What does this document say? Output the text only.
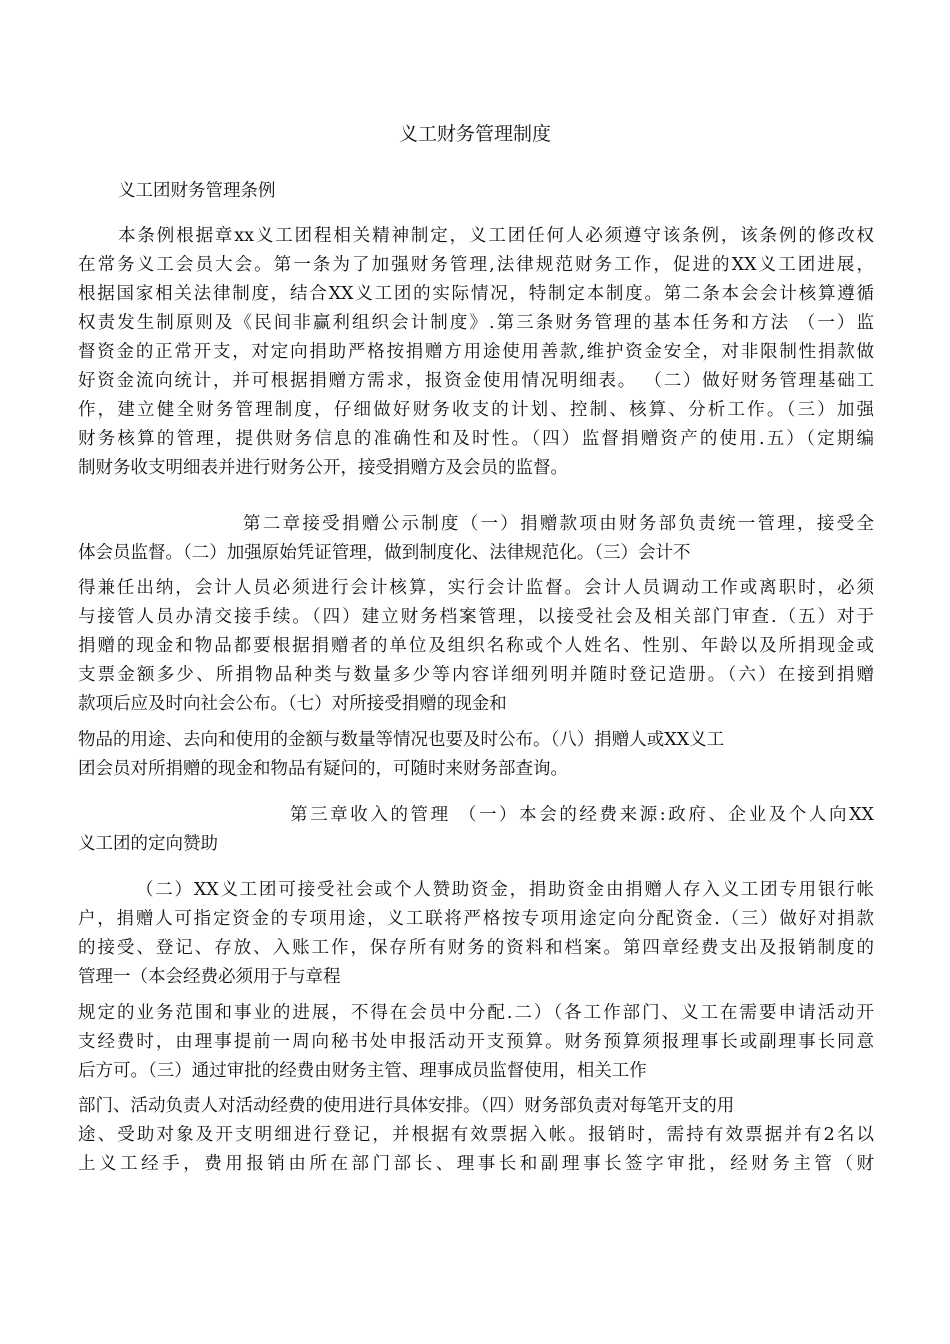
义工财务管理制度
义工团财务管理条例
本条例根据章xx义工团程相关精神制定，义工团任何人必须遵守该条例，该条例的修改权
在常务义工会员大会。第一条为了加强财务管理,法律规范财务工作，促进的XX义工团进展，
根据国家相关法律制度，结合XX义工团的实际情况，特制定本制度。第二条本会会计核算遵循
权责发生制原则及《民间非赢利组织会计制度》.第三条财务管理的基本任务和方法 （一）监
督资金的正常开支，对定向捐助严格按捐赠方用途使用善款,维护资金安全，对非限制性捐款做
好资金流向统计，并可根据捐赠方需求，报资金使用情况明细表。 （二）做好财务管理基础工
作，建立健全财务管理制度，仔细做好财务收支的计划、控制、核算、分析工作。（三）加强
财务核算的管理，提供财务信息的准确性和及时性。（四）监督捐赠资产的使用.五）（定期编
制财务收支明细表并进行财务公开，接受捐赠方及会员的监督。
第二章接受捐赠公示制度（一）捐赠款项由财务部负责统一管理，接受全
体会员监督。（二）加强原始凭证管理，做到制度化、法律规范化。（三）会计不
得兼任出纳，会计人员必须进行会计核算，实行会计监督。会计人员调动工作或离职时，必须
与接管人员办清交接手续。（四）建立财务档案管理，以接受社会及相关部门审查.（五）对于
捐赠的现金和物品都要根据捐赠者的单位及组织名称或个人姓名、性别、年龄以及所捐现金或
支票金额多少、所捐物品种类与数量多少等内容详细列明并随时登记造册。（六）在接到捐赠
款项后应及时向社会公布。（七）对所接受捐赠的现金和
物品的用途、去向和使用的金额与数量等情况也要及时公布。（八）捐赠人或XX义工
团会员对所捐赠的现金和物品有疑问的，可随时来财务部查询。
第三章收入的管理 （一）本会的经费来源:政府、企业及个人向XX
义工团的定向赞助
（二）XX义工团可接受社会或个人赞助资金，捐助资金由捐赠人存入义工团专用银行帐
户，捐赠人可指定资金的专项用途，义工联将严格按专项用途定向分配资金.（三）做好对捐款
的接受、登记、存放、入账工作，保存所有财务的资料和档案。第四章经费支出及报销制度的
管理一（本会经费必须用于与章程
规定的业务范围和事业的进展，不得在会员中分配.二）（各工作部门、义工在需要申请活动开
支经费时，由理事提前一周向秘书处申报活动开支预算。财务预算须报理事长或副理事长同意
后方可。（三）通过审批的经费由财务主管、理事成员监督使用，相关工作
部门、活动负责人对活动经费的使用进行具体安排。（四）财务部负责对每笔开支的用
途、受助对象及开支明细进行登记，并根据有效票据入帐。报销时，需持有效票据并有2名以
上义工经手，费用报销由所在部门部长、理事长和副理事长签字审批，经财务主管（财
